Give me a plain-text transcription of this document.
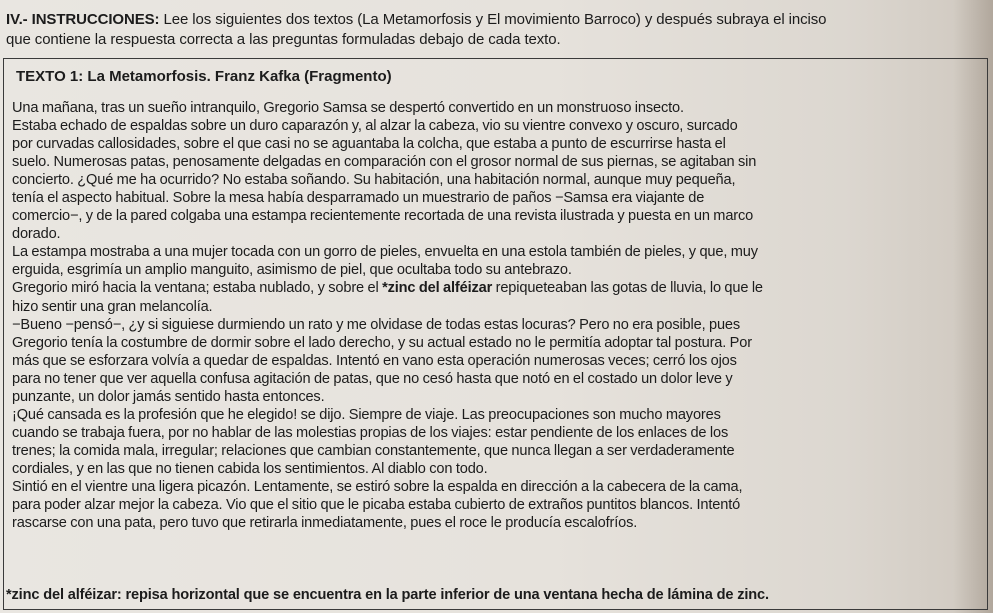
IV.- INSTRUCCIONES: Lee los siguientes dos textos (La Metamorfosis y El movimiento Barroco) y después subraya el inciso
que contiene la respuesta correcta a las preguntas formuladas debajo de cada texto.
TEXTO 1: La Metamorfosis. Franz Kafka (Fragmento)
Una mañana, tras un sueño intranquilo, Gregorio Samsa se despertó convertido en un monstruoso insecto.
Estaba echado de espaldas sobre un duro caparazón y, al alzar la cabeza, vio su vientre convexo y oscuro, surcado
por curvadas callosidades, sobre el que casi no se aguantaba la colcha, que estaba a punto de escurrirse hasta el
suelo. Numerosas patas, penosamente delgadas en comparación con el grosor normal de sus piernas, se agitaban sin
concierto. ¿Qué me ha ocurrido? No estaba soñando. Su habitación, una habitación normal, aunque muy pequeña,
tenía el aspecto habitual. Sobre la mesa había desparramado un muestrario de paños −Samsa era viajante de
comercio−, y de la pared colgaba una estampa recientemente recortada de una revista ilustrada y puesta en un marco
dorado.
La estampa mostraba a una mujer tocada con un gorro de pieles, envuelta en una estola también de pieles, y que, muy
erguida, esgrimía un amplio manguito, asimismo de piel, que ocultaba todo su antebrazo.
Gregorio miró hacia la ventana; estaba nublado, y sobre el *zinc del alféizar repiqueteaban las gotas de lluvia, lo que le
hizo sentir una gran melancolía.
−Bueno −pensó−, ¿y si siguiese durmiendo un rato y me olvidase de todas estas locuras? Pero no era posible, pues
Gregorio tenía la costumbre de dormir sobre el lado derecho, y su actual estado no le permitía adoptar tal postura. Por
más que se esforzara volvía a quedar de espaldas. Intentó en vano esta operación numerosas veces; cerró los ojos
para no tener que ver aquella confusa agitación de patas, que no cesó hasta que notó en el costado un dolor leve y
punzante, un dolor jamás sentido hasta entonces.
¡Qué cansada es la profesión que he elegido! se dijo. Siempre de viaje. Las preocupaciones son mucho mayores
cuando se trabaja fuera, por no hablar de las molestias propias de los viajes: estar pendiente de los enlaces de los
trenes; la comida mala, irregular; relaciones que cambian constantemente, que nunca llegan a ser verdaderamente
cordiales, y en las que no tienen cabida los sentimientos. Al diablo con todo.
Sintió en el vientre una ligera picazón. Lentamente, se estiró sobre la espalda en dirección a la cabecera de la cama,
para poder alzar mejor la cabeza. Vio que el sitio que le picaba estaba cubierto de extraños puntitos blancos. Intentó
rascarse con una pata, pero tuvo que retirarla inmediatamente, pues el roce le producía escalofríos.
*zinc del alféizar: repisa horizontal que se encuentra en la parte inferior de una ventana hecha de lámina de zinc.
